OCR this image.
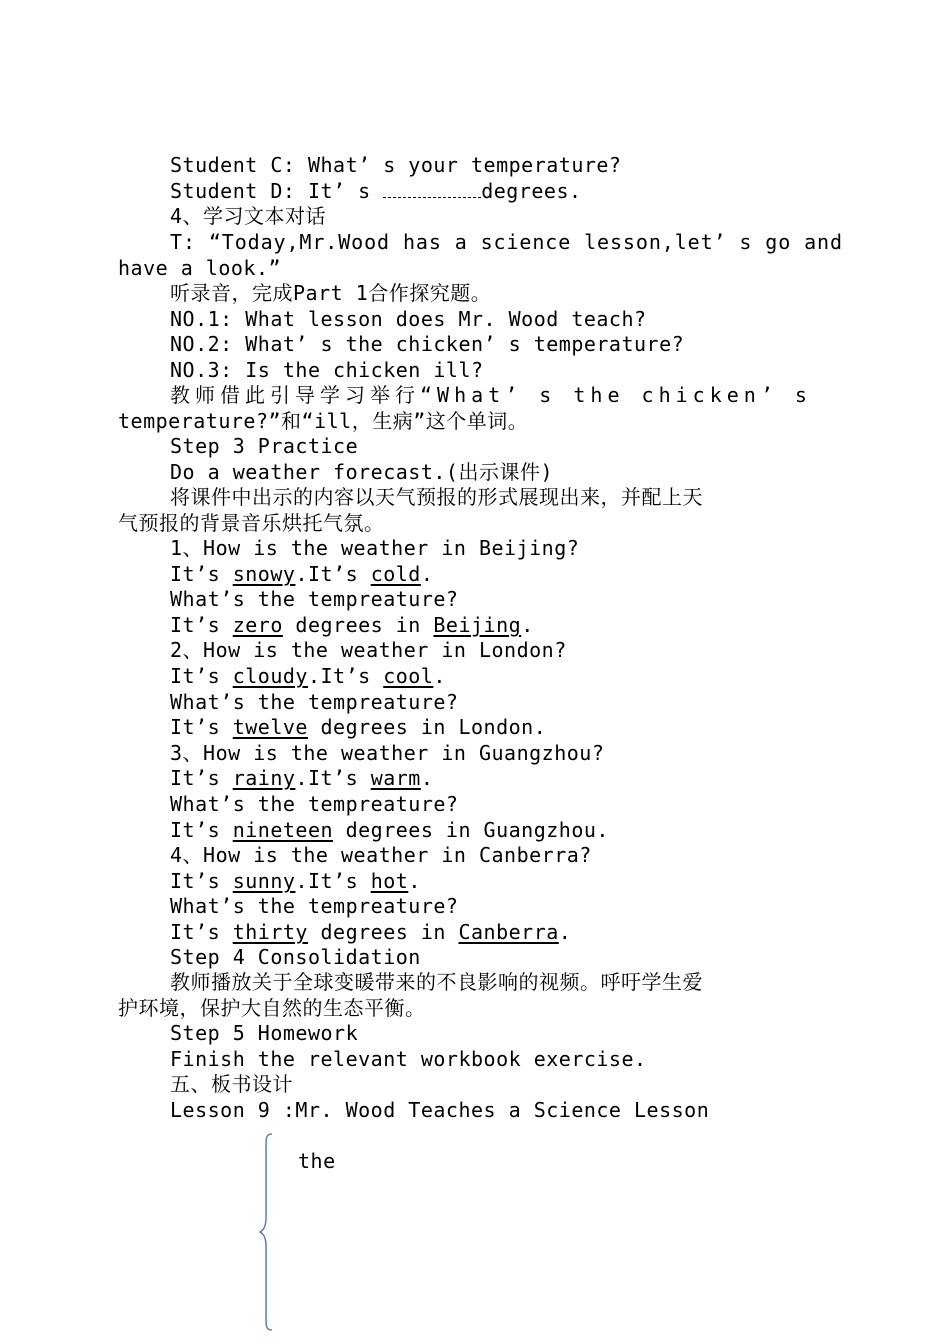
Student C: What’ s your temperature?
Student D: It’ s	degrees.
4、学习文本对话
T: “Today,Mr.Wood has a science lesson,let’ s go and
have a look.”
听录音，完成Part 1合作探究题。
NO.1: What lesson does Mr. Wood teach?
NO.2: What’ s the chicken’ s temperature?
NO.3: Is the chicken ill?
教师借此引导学习举行“What’ s the chicken’ s
temperature?”和“ill，生病”这个单词。
Step 3 Practice
Do a weather forecast.(出示课件)
将课件中出示的内容以天气预报的形式展现出来，并配上天
气预报的背景音乐烘托气氛。
1、How is the weather in Beijing?
It’s snowy.It’s cold.
What’s the tempreature?
It’s zero degrees in Beijing.
2、How is the weather in London?
It’s cloudy.It’s cool.
What’s the tempreature?
It’s twelve degrees in London.
3、How is the weather in Guangzhou?
It’s rainy.It’s warm.
What’s the tempreature?
It’s nineteen degrees in Guangzhou.
4、How is the weather in Canberra?
It’s sunny.It’s hot.
What’s the tempreature?
It’s thirty degrees in Canberra.
Step 4 Consolidation
教师播放关于全球变暖带来的不良影响的视频。呼吁学生爱
护环境，保护大自然的生态平衡。
Step 5 Homework
Finish the relevant workbook exercise.
五、板书设计
Lesson 9 :Mr. Wood Teaches a Science Lesson
the
